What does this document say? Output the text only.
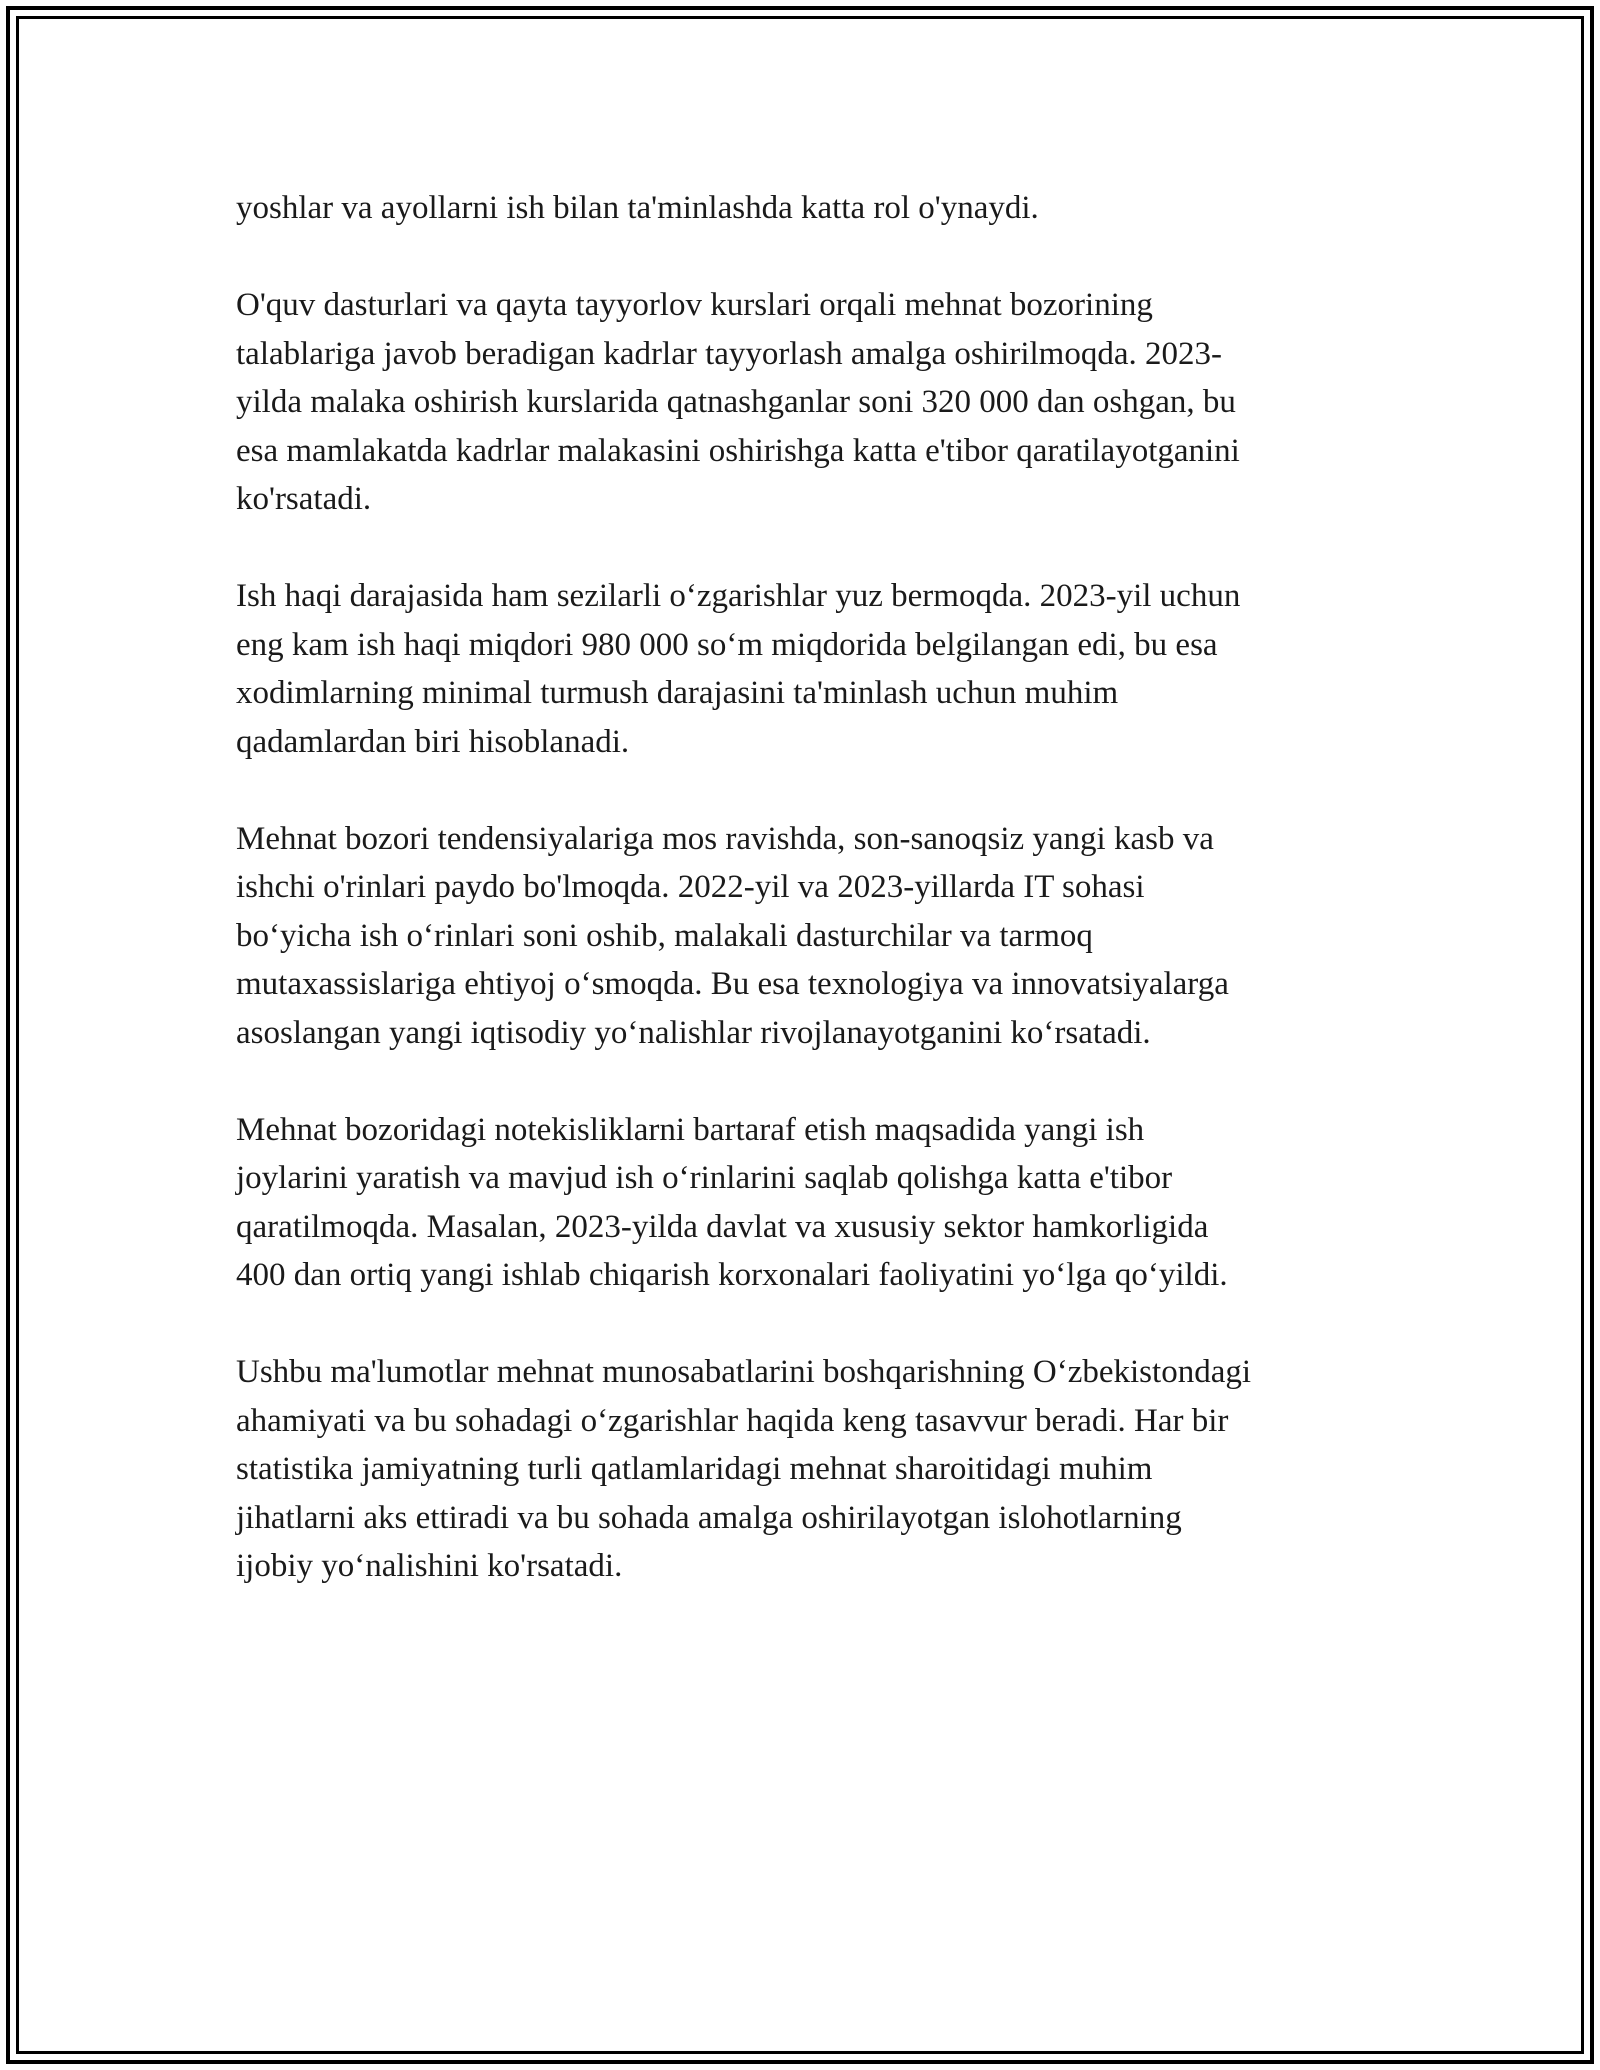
yoshlar va ayollarni ish bilan ta'minlashda katta rol o'ynaydi.

O'quv dasturlari va qayta tayyorlov kurslari orqali mehnat bozorining
talablariga javob beradigan kadrlar tayyorlash amalga oshirilmoqda. 2023-
yilda malaka oshirish kurslarida qatnashganlar soni 320 000 dan oshgan, bu
esa mamlakatda kadrlar malakasini oshirishga katta e'tibor qaratilayotganini
ko'rsatadi.

Ish haqi darajasida ham sezilarli o‘zgarishlar yuz bermoqda. 2023-yil uchun
eng kam ish haqi miqdori 980 000 so‘m miqdorida belgilangan edi, bu esa
xodimlarning minimal turmush darajasini ta'minlash uchun muhim
qadamlardan biri hisoblanadi.

Mehnat bozori tendensiyalariga mos ravishda, son-sanoqsiz yangi kasb va
ishchi o'rinlari paydo bo'lmoqda. 2022-yil va 2023-yillarda IT sohasi
bo‘yicha ish o‘rinlari soni oshib, malakali dasturchilar va tarmoq
mutaxassislariga ehtiyoj o‘smoqda. Bu esa texnologiya va innovatsiyalarga
asoslangan yangi iqtisodiy yo‘nalishlar rivojlanayotganini ko‘rsatadi.

Mehnat bozoridagi notekisliklarni bartaraf etish maqsadida yangi ish
joylarini yaratish va mavjud ish o‘rinlarini saqlab qolishga katta e'tibor
qaratilmoqda. Masalan, 2023-yilda davlat va xususiy sektor hamkorligida
400 dan ortiq yangi ishlab chiqarish korxonalari faoliyatini yo‘lga qo‘yildi.

Ushbu ma'lumotlar mehnat munosabatlarini boshqarishning O‘zbekistondagi
ahamiyati va bu sohadagi o‘zgarishlar haqida keng tasavvur beradi. Har bir
statistika jamiyatning turli qatlamlaridagi mehnat sharoitidagi muhim
jihatlarni aks ettiradi va bu sohada amalga oshirilayotgan islohotlarning
ijobiy yo‘nalishini ko'rsatadi.
